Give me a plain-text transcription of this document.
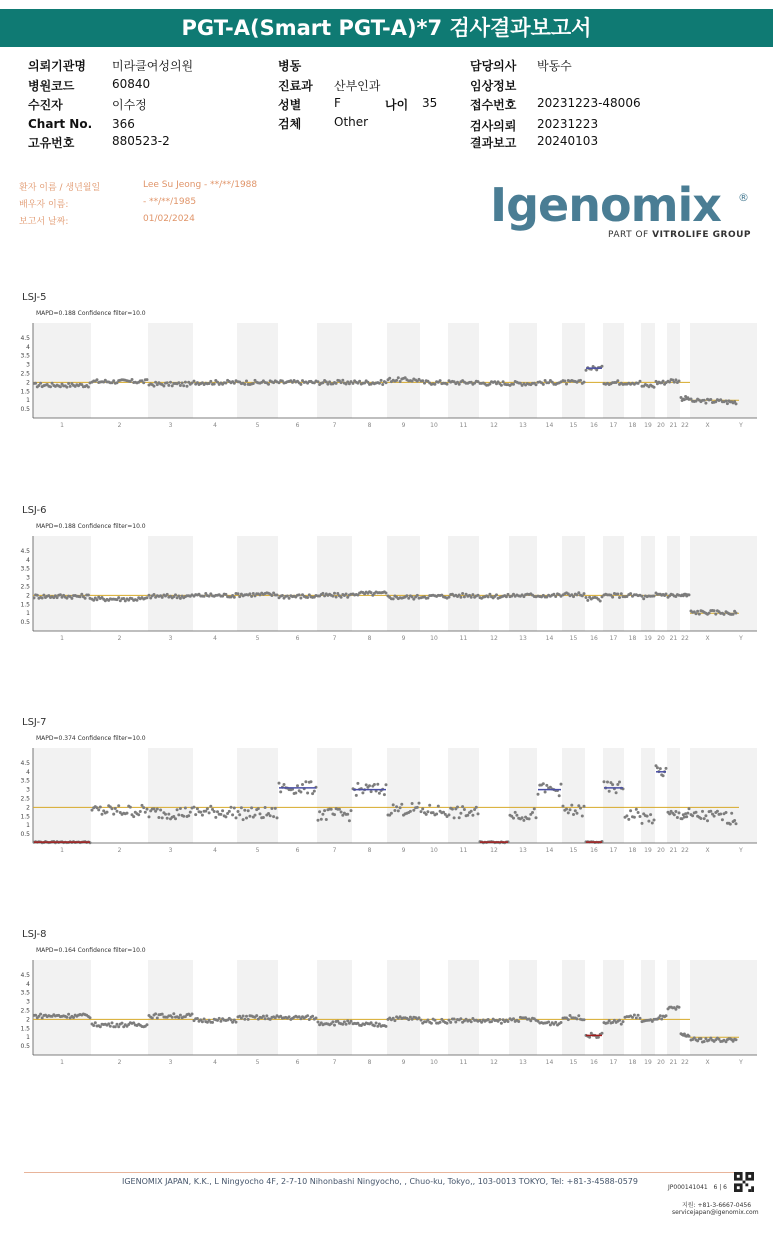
PGT-A(Smart PGT-A)*7 검사결과보고서
의뢰기관명 미라클여성의원
병원코드	60840
수진자	이수정
Chart No. 366
고유번호	880523-2
병동
진료과 산부인과
성별	F	나이 35
검체	Other
담당의사 박동수
임상정보
접수번호 20231223-48006
검사의뢰 20231223
결과보고 20240103
환자 이름 / 생년월일	Lee Su Jeong - **/**/1988
배우자 이름:	- **/**/1985
보고서 날짜:	01/02/2024	Igenomix ®
PART OF VITROLIFE GROUP
LSJ-5
MAPD=0.188 Confidence filter=10.0
4.5
4
3.5
3
2.5
2
1.5
1
0.5
1	2	3	4	5	6	7	8	9	10	11	12	13	14	15 16 17 18 19 20 21 22	X	Y
LSJ-6
MAPD=0.188 Confidence filter=10.0
4.5
4
3.5
3
2.5
2
1.5
1
0.5
1	2	3	4	5	6	7	8	9	10	11	12	13	14	15 16 17 18 19 20 21 22	X	Y
LSJ-7
MAPD=0.374 Confidence filter=10.0
4.5
4
3.5
3
2.5
2
1.5
1
0.5
1	2	3	4	5	6	7	8	9	10	11	12	13	14	15 16 17 18 19 20 21 22	X	Y
LSJ-8
MAPD=0.164 Confidence filter=10.0
4.5
4
3.5
3
2.5
2
1.5
1
0.5
1	2	3	4	5	6	7	8	9	10	11	12	13	14	15 16 17 18 19 20 21 22	X	Y
IGENOMIX JAPAN, K.K., L Ningyocho 4F, 2-7-10 Nihonbashi Ningyocho, , Chuo-ku, Tokyo,, 103-0013 TOKYO, Tel: +81-3-4588-0579
JP000141041 6 | 6
지원: +81-3-6667-0456
servicejapan@igenomix.com
